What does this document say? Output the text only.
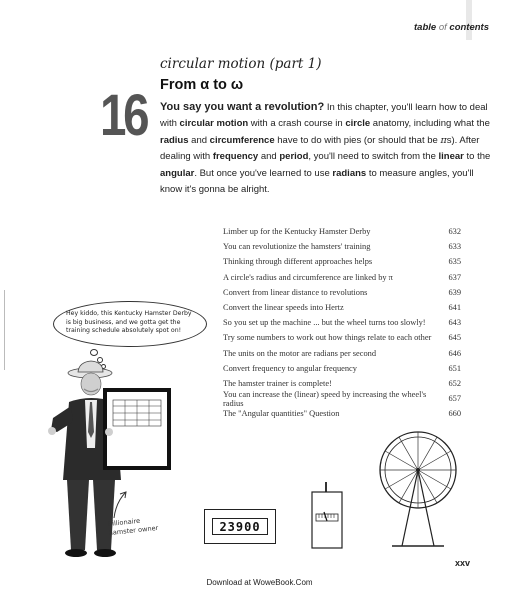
table of contents
16
circular motion (part 1)
From α to ω
You say you want a revolution? In this chapter, you'll learn how to deal with circular motion with a crash course in circle anatomy, including what the radius and circumference have to do with pies (or should that be πs). After dealing with frequency and period, you'll need to switch from the linear to the angular. But once you've learned to use radians to measure angles, you'll know it's gonna be alright.
Limber up for the Kentucky Hamster Derby	632
You can revolutionize the hamsters' training	633
Thinking through different approaches helps	635
A circle's radius and circumference are linked by π	637
Convert from linear distance to revolutions	639
Convert the linear speeds into Hertz	641
So you set up the machine ... but the wheel turns too slowly!	643
Try some numbers to work out how things relate to each other	645
The units on the motor are radians per second	646
Convert frequency to angular frequency	651
The hamster trainer is complete!	652
You can increase the (linear) speed by increasing the wheel's radius	657
The "Angular quantities" Question	660
Hey kiddo, this Kentucky Hamster Derby is big business, and we gotta get the training schedule absolutely spot on!
Billionaire hamster owner	23900
xxv
Download at WoweBook.Com
